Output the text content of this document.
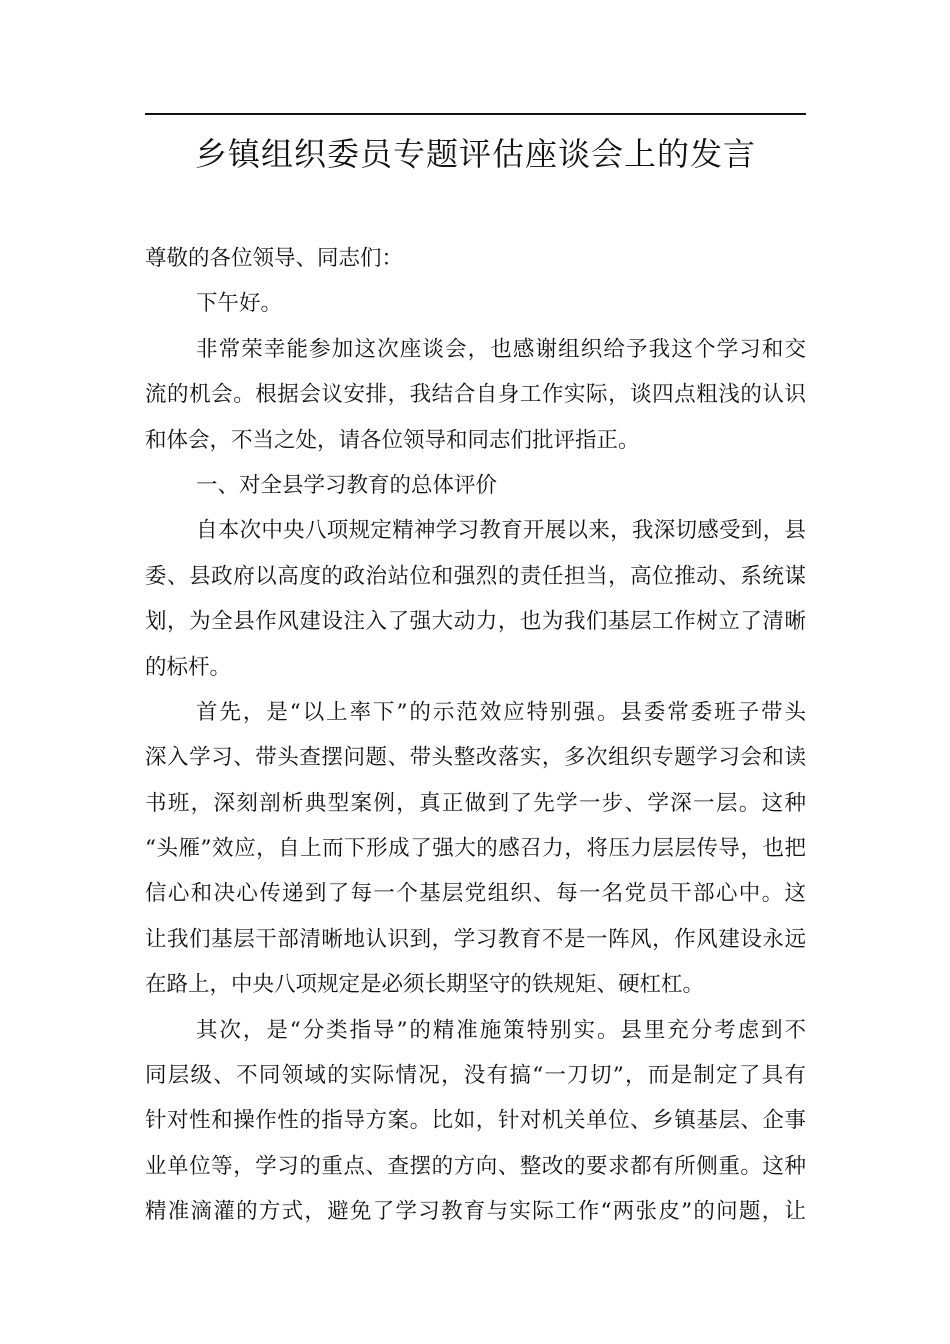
乡镇组织委员专题评估座谈会上的发言
尊敬的各位领导、同志们：
下午好。
非常荣幸能参加这次座谈会，也感谢组织给予我这个学习和交
流的机会。根据会议安排，我结合自身工作实际，谈四点粗浅的认识
和体会，不当之处，请各位领导和同志们批评指正。
一、对全县学习教育的总体评价
自本次中央八项规定精神学习教育开展以来，我深切感受到，县
委、县政府以高度的政治站位和强烈的责任担当，高位推动、系统谋
划，为全县作风建设注入了强大动力，也为我们基层工作树立了清晰
的标杆。
首先，是“以上率下”的示范效应特别强。县委常委班子带头
深入学习、带头查摆问题、带头整改落实，多次组织专题学习会和读
书班，深刻剖析典型案例，真正做到了先学一步、学深一层。这种
“头雁”效应，自上而下形成了强大的感召力，将压力层层传导，也把
信心和决心传递到了每一个基层党组织、每一名党员干部心中。这
让我们基层干部清晰地认识到，学习教育不是一阵风，作风建设永远
在路上，中央八项规定是必须长期坚守的铁规矩、硬杠杠。
其次，是“分类指导”的精准施策特别实。县里充分考虑到不
同层级、不同领域的实际情况，没有搞“一刀切”，而是制定了具有
针对性和操作性的指导方案。比如，针对机关单位、乡镇基层、企事
业单位等，学习的重点、查摆的方向、整改的要求都有所侧重。这种
精准滴灌的方式，避免了学习教育与实际工作“两张皮”的问题，让
